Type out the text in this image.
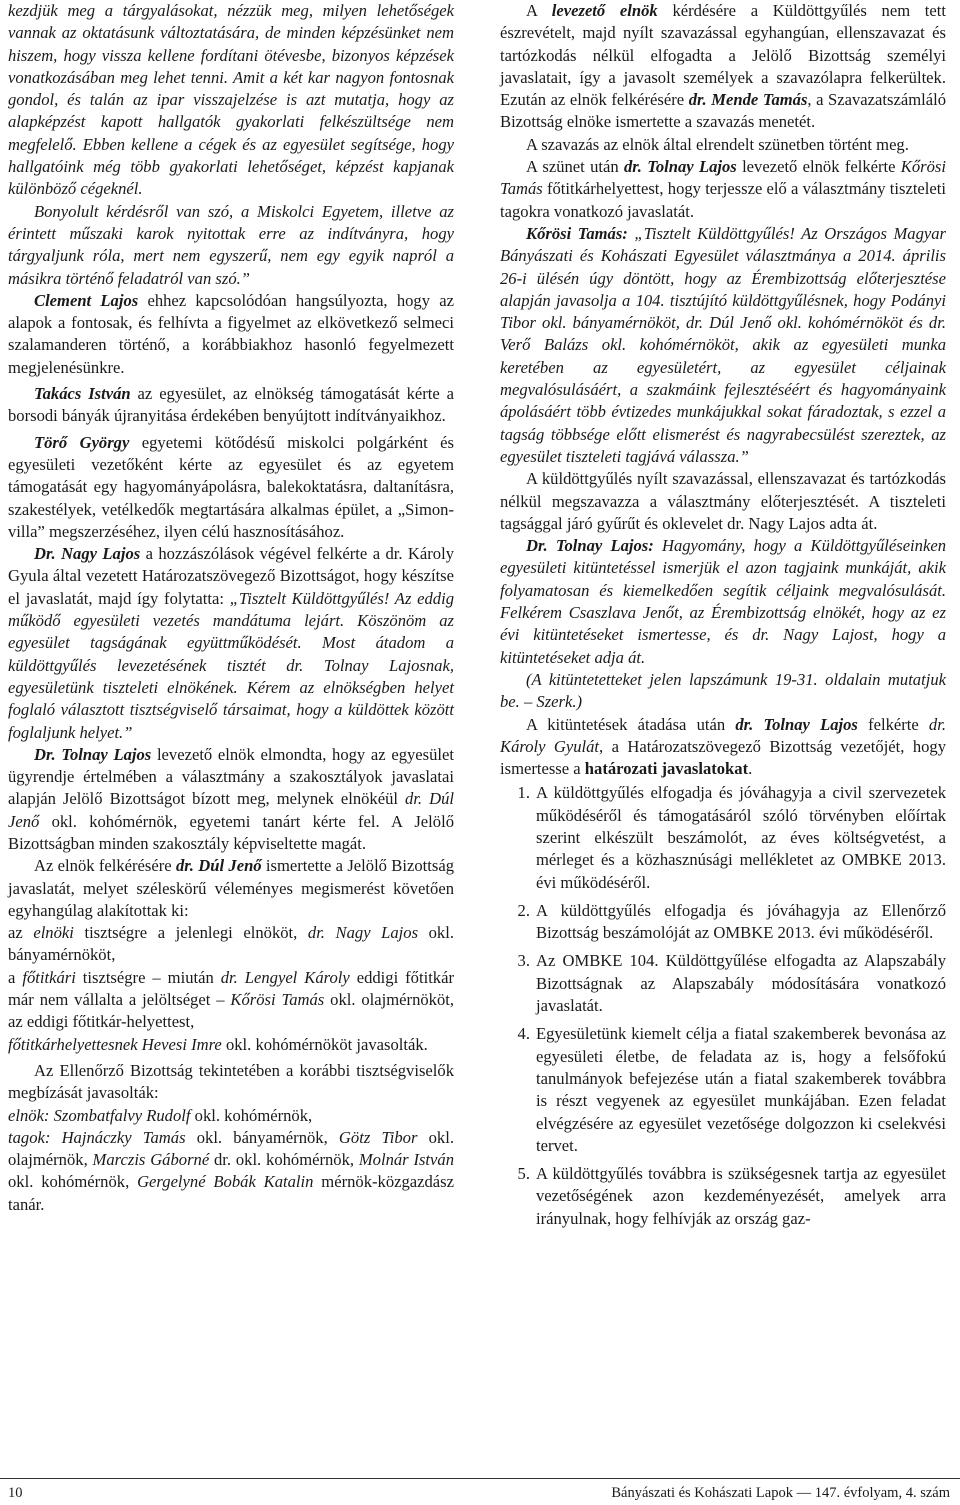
kezdjük meg a tárgyalásokat, nézzük meg, milyen lehetőségek vannak az oktatásunk változtatására, de minden képzésünket nem hiszem, hogy vissza kellene fordítani ötévesbe, bizonyos képzések vonatkozásában meg lehet tenni. Amit a két kar nagyon fontosnak gondol, és talán az ipar visszajelzése is azt mutatja, hogy az alapképzést kapott hallgatók gyakorlati felkészültsége nem megfelelő. Ebben kellene a cégek és az egyesület segítsége, hogy hallgatóink még több gyakorlati lehetőséget, képzést kapjanak különböző cégeknél.

Bonyolult kérdésről van szó, a Miskolci Egyetem, illetve az érintett műszaki karok nyitottak erre az indítványra, hogy tárgyaljunk róla, mert nem egyszerű, nem egy egyik napról a másikra történő feladatról van szó.”

Clement Lajos ehhez kapcsolódóan hangsúlyozta, hogy az alapok a fontosak, és felhívta a figyelmet az elkövetkező selmeci szalamanderen történő, a korábbiakhoz hasonló fegyelmezett megjelenésünkre.

Takács István az egyesület, az elnökség támogatását kérte a borsodi bányák újranyitása érdekében benyújtott indítványaikhoz.

Törő György egyetemi kötődésű miskolci polgárként és egyesületi vezetőként kérte az egyesület és az egyetem támogatását egy hagyományápolásra, balekoktatásra, daltanításra, szakestélyek, vetélkedők megtartására alkalmas épület, a „Simon-villa” megszerzéséhez, ilyen célú hasznosításához.

Dr. Nagy Lajos a hozzászólások végével felkérte a dr. Károly Gyula által vezetett Határozatszövegező Bizottságot, hogy készítse el javaslatát, majd így folytatta: „Tisztelt Küldöttgyűlés! Az eddig működő egyesületi vezetés mandátuma lejárt. Köszönöm az egyesület tagságának együttműködését. Most átadom a küldöttgyűlés levezetésének tisztét dr. Tolnay Lajosnak, egyesületünk tiszteleti elnökének. Kérem az elnökségben helyet foglaló választott tisztségviselő társaimat, hogy a küldöttek között foglaljunk helyet.”

Dr. Tolnay Lajos levezető elnök elmondta, hogy az egyesület ügyrendje értelmében a választmány a szakosztályok javaslatai alapján Jelölő Bizottságot bízott meg, melynek elnökéül dr. Dúl Jenő okl. kohómérnök, egyetemi tanárt kérte fel. A Jelölő Bizottságban minden szakosztály képviseltette magát.

Az elnök felkérésére dr. Dúl Jenő ismertette a Jelölő Bizottság javaslatát, melyet széleskörű véleményes megismerést követően egyhangúlag alakítottak ki:

az elnöki tisztségre a jelenlegi elnököt, dr. Nagy Lajos okl. bányamérnököt,

a főtitkári tisztségre – miután dr. Lengyel Károly eddigi főtitkár már nem vállalta a jelöltséget – Kőrösi Tamás okl. olajmérnököt, az eddigi főtitkár-helyettest,

főtitkárhelyettesnek Hevesi Imre okl. kohómérnököt javasolták.

Az Ellenőrző Bizottság tekintetében a korábbi tisztségviselők megbízását javasolták:

elnök: Szombatfalvy Rudolf okl. kohómérnök,

tagok: Hajnáczky Tamás okl. bányamérnök, Götz Tibor okl. olajmérnök, Marczis Gáborné dr. okl. kohómérnök, Molnár István okl. kohómérnök, Gergelyné Bobák Katalin mérnök-közgazdász tanár.

A levezető elnök kérdésére a Küldöttgyűlés nem tett észrevételt, majd nyílt szavazással egyhangúan, ellenszavazat és tartózkodás nélkül elfogadta a Jelölő Bizottság személyi javaslatait, így a javasolt személyek a szavazólapra felkerültek. Ezután az elnök felkérésére dr. Mende Tamás, a Szavazatszámláló Bizottság elnöke ismertette a szavazás menetét.

A szavazás az elnök által elrendelt szünetben történt meg.

A szünet után dr. Tolnay Lajos levezető elnök felkérte Kőrösi Tamás főtitkárhelyettest, hogy terjessze elő a választmány tiszteleti tagokra vonatkozó javaslatát.

Kőrösi Tamás: „Tisztelt Küldöttgyűlés! Az Országos Magyar Bányászati és Kohászati Egyesület választmánya a 2014. április 26-i ülésén úgy döntött, hogy az Érembizottság előterjesztése alapján javasolja a 104. tisztújító küldöttgyűlésnek, hogy Podányi Tibor okl. bányamérnököt, dr. Dúl Jenő okl. kohómérnököt és dr. Verő Balázs okl. kohómérnököt, akik az egyesületi munka keretében az egyesületért, az egyesület céljainak megvalósulásáért, a szakmáink fejlesztéséért és hagyományaink ápolásáért több évtizedes munkájukkal sokat fáradoztak, s ezzel a tagság többsége előtt elismerést és nagyrabecsülést szereztek, az egyesület tiszteleti tagjává válassza.”

A küldöttgyűlés nyílt szavazással, ellenszavazat és tartózkodás nélkül megszavazza a választmány előterjesztését. A tiszteleti tagsággal járó gyűrűt és oklevelet dr. Nagy Lajos adta át.

Dr. Tolnay Lajos: Hagyomány, hogy a Küldöttgyűléseinken egyesületi kitüntetéssel ismerjük el azon tagjaink munkáját, akik folyamatosan és kiemelkedően segítik céljaink megvalósulását. Felkérem Csaszlava Jenőt, az Érembizottság elnökét, hogy az ez évi kitüntetéseket ismertesse, és dr. Nagy Lajost, hogy a kitüntetéseket adja át.

(A kitüntetetteket jelen lapszámunk 19-31. oldalain mutatjuk be. – Szerk.)

A kitüntetések átadása után dr. Tolnay Lajos felkérte dr. Károly Gyulát, a Határozatszövegező Bizottság vezetőjét, hogy ismertesse a határozati javaslatokat.

1. A küldöttgyűlés elfogadja és jóváhagyja a civil szervezetek működéséről és támogatásáról szóló törvényben előírtak szerint elkészült beszámolót, az éves költségvetést, a mérleget és a közhasznúsági mellékletet az OMBKE 2013. évi működéséről.
2. A küldöttgyűlés elfogadja és jóváhagyja az Ellenőrző Bizottság beszámolóját az OMBKE 2013. évi működéséről.
3. Az OMBKE 104. Küldöttgyűlése elfogadta az Alapszabály Bizottságnak az Alapszabály módosítására vonatkozó javaslatát.
4. Egyesületünk kiemelt célja a fiatal szakemberek bevonása az egyesületi életbe, de feladata az is, hogy a felsőfokú tanulmányok befejezése után a fiatal szakemberek továbbra is részt vegyenek az egyesület munkájában. Ezen feladat elvégzésére az egyesület vezetősége dolgozzon ki cselekvési tervet.
5. A küldöttgyűlés továbbra is szükségesnek tartja az egyesület vezetőségének azon kezdeményezését, amelyek arra irányulnak, hogy felhívják az ország gaz-
10	Bányászati és Kohászati Lapok — 147. évfolyam, 4. szám
